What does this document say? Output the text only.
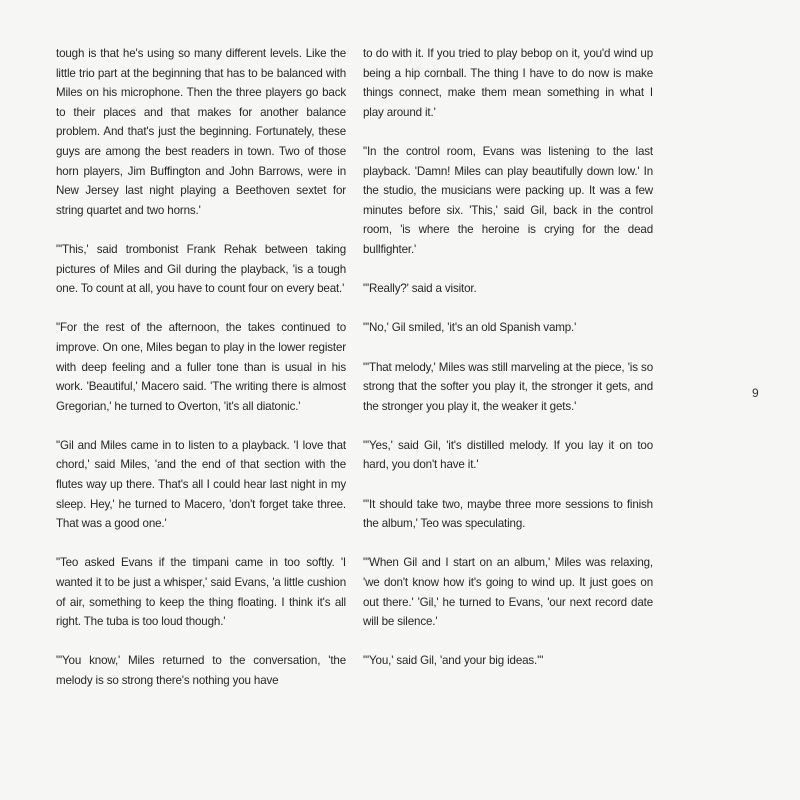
tough is that he's using so many different levels. Like the little trio part at the beginning that has to be balanced with Miles on his microphone. Then the three players go back to their places and that makes for another balance problem. And that's just the beginning. Fortunately, these guys are among the best readers in town. Two of those horn players, Jim Buffington and John Barrows, were in New Jersey last night playing a Beethoven sextet for string quartet and two horns.'

"'This,' said trombonist Frank Rehak between taking pictures of Miles and Gil during the playback, 'is a tough one. To count at all, you have to count four on every beat.'

"For the rest of the afternoon, the takes continued to improve. On one, Miles began to play in the lower register with deep feeling and a fuller tone than is usual in his work. 'Beautiful,' Macero said. 'The writing there is almost Gregorian,' he turned to Overton, 'it's all diatonic.'

"Gil and Miles came in to listen to a playback. 'I love that chord,' said Miles, 'and the end of that section with the flutes way up there. That's all I could hear last night in my sleep. Hey,' he turned to Macero, 'don't forget take three. That was a good one.'

"Teo asked Evans if the timpani came in too softly. 'I wanted it to be just a whisper,' said Evans, 'a little cushion of air, something to keep the thing floating. I think it's all right. The tuba is too loud though.'

"'You know,' Miles returned to the conversation, 'the melody is so strong there's nothing you have

to do with it. If you tried to play bebop on it, you'd wind up being a hip cornball. The thing I have to do now is make things connect, make them mean something in what I play around it.'

"In the control room, Evans was listening to the last playback. 'Damn! Miles can play beautifully down low.' In the studio, the musicians were packing up. It was a few minutes before six. 'This,' said Gil, back in the control room, 'is where the heroine is crying for the dead bullfighter.'

"'Really?' said a visitor.

"'No,' Gil smiled, 'it's an old Spanish vamp.'

"'That melody,' Miles was still marveling at the piece, 'is so strong that the softer you play it, the stronger it gets, and the stronger you play it, the weaker it gets.'

"'Yes,' said Gil, 'it's distilled melody. If you lay it on too hard, you don't have it.'

"'It should take two, maybe three more sessions to finish the album,' Teo was speculating.

"'When Gil and I start on an album,' Miles was relaxing, 'we don't know how it's going to wind up. It just goes on out there.' 'Gil,' he turned to Evans, 'our next record date will be silence.'

"'You,' said Gil, 'and your big ideas.'"

9
